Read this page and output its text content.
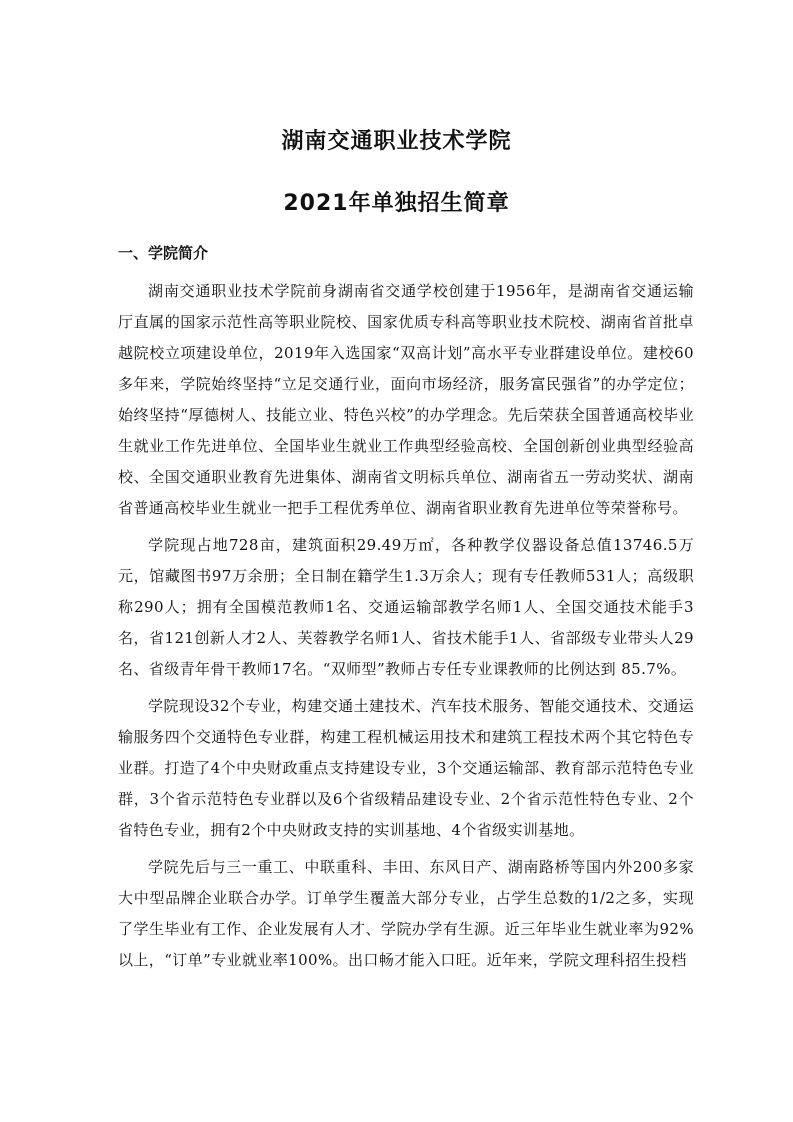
湖南交通职业技术学院
2021年单独招生简章
一、学院简介

湖南交通职业技术学院前身湖南省交通学校创建于1956年，是湖南省交通运输厅直属的国家示范性高等职业院校、国家优质专科高等职业技术院校、湖南省首批卓越院校立项建设单位，2019年入选国家“双高计划”高水平专业群建设单位。建校60多年来，学院始终坚持“立足交通行业，面向市场经济，服务富民强省”的办学定位；始终坚持“厚德树人、技能立业、特色兴校”的办学理念。先后荣获全国普通高校毕业生就业工作先进单位、全国毕业生就业工作典型经验高校、全国创新创业典型经验高校、全国交通职业教育先进集体、湖南省文明标兵单位、湖南省五一劳动奖状、湖南省普通高校毕业生就业一把手工程优秀单位、湖南省职业教育先进单位等荣誉称号。

学院现占地728亩，建筑面积29.49万㎡，各种教学仪器设备总值13746.5万元，馆藏图书97万余册；全日制在籍学生1.3万余人；现有专任教师531人；高级职称290人；拥有全国模范教师1名、交通运输部教学名师1人、全国交通技术能手3名，省121创新人才2人、芙蓉教学名师1人、省技术能手1人、省部级专业带头人29名、省级青年骨干教师17名。“双师型”教师占专任专业课教师的比例达到 85.7%。

学院现设32个专业，构建交通土建技术、汽车技术服务、智能交通技术、交通运输服务四个交通特色专业群，构建工程机械运用技术和建筑工程技术两个其它特色专业群。打造了4个中央财政重点支持建设专业，3个交通运输部、教育部示范特色专业群，3个省示范特色专业群以及6个省级精品建设专业、2个省示范性特色专业、2个省特色专业，拥有2个中央财政支持的实训基地、4个省级实训基地。

学院先后与三一重工、中联重科、丰田、东风日产、湖南路桥等国内外200多家大中型品牌企业联合办学。订单学生覆盖大部分专业，占学生总数的1/2之多，实现了学生毕业有工作、企业发展有人才、学院办学有生源。近三年毕业生就业率为92%以上，“订单”专业就业率100%。出口畅才能入口旺。近年来，学院文理科招生投档
